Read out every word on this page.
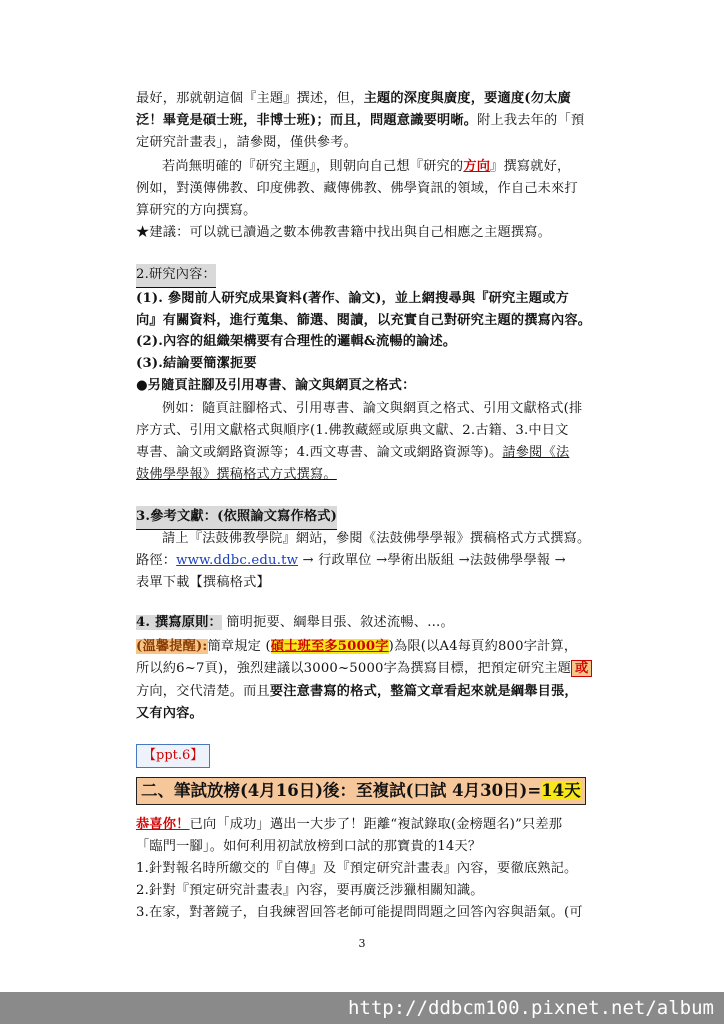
最好，那就朝這個『主題』撰述，但，主題的深度與廣度，要適度(勿太廣
泛！畢竟是碩士班，非博士班)；而且，問題意識要明晰。附上我去年的「預
定研究計畫表」，請參閱，僅供參考。
若尚無明確的『研究主題』，則朝向自己想『研究的方向』撰寫就好，
例如，對漢傳佛教、印度佛教、藏傳佛教、佛學資訊的領域，作自己未來打
算研究的方向撰寫。
★建議：可以就已讀過之數本佛教書籍中找出與自己相應之主題撰寫。
2.研究內容：
(1). 參閱前人研究成果資料(著作、論文)，並上網搜尋與『研究主題或方
向』有關資料，進行蒐集、篩選、閱讀，以充實自己對研究主題的撰寫內容。
(2).內容的組織架構要有合理性的邏輯&流暢的論述。
(3).結論要簡潔扼要
●另隨頁註腳及引用專書、論文與網頁之格式：
例如：隨頁註腳格式、引用專書、論文與網頁之格式、引用文獻格式(排
序方式、引用文獻格式與順序(1.佛教藏經或原典文獻、2.古籍、3.中日文
專書、論文或網路資源等；4.西文專書、論文或網路資源等)。請參閱《法
鼓佛學學報》撰稿格式方式撰寫。
3.參考文獻：(依照論文寫作格式)
請上『法鼓佛教學院』網站，參閱《法鼓佛學學報》撰稿格式方式撰寫。
路徑：www.ddbc.edu.tw → 行政單位 →學術出版組 →法鼓佛學學報 →
表單下載【撰稿格式】
4. 撰寫原則： 簡明扼要、綱舉目張、敘述流暢、…。
(溫馨提醒):簡章規定 (碩士班至多5000字)為限(以A4每頁約800字計算，
所以約6~7頁)，強烈建議以3000~5000字為撰寫目標，把預定研究主題 或
方向，交代清楚。而且要注意書寫的格式，整篇文章看起來就是綱舉目張，
又有內容。
【ppt.6】
二、筆試放榜(4月16日)後：至複試(口試 4月30日)=14天
恭喜你！已向「成功」邁出一大步了！距離“複試錄取(金榜題名)”只差那
「臨門一腳」。如何利用初試放榜到口試的那寶貴的14天？
1.針對報名時所繳交的『自傳』及『預定研究計畫表』內容，要徹底熟記。
2.針對『預定研究計畫表』內容，要再廣泛涉獵相關知識。
3.在家，對著鏡子，自我練習回答老師可能提問問題之回答內容與語氣。(可
3
http://ddbcm100.pixnet.net/album
